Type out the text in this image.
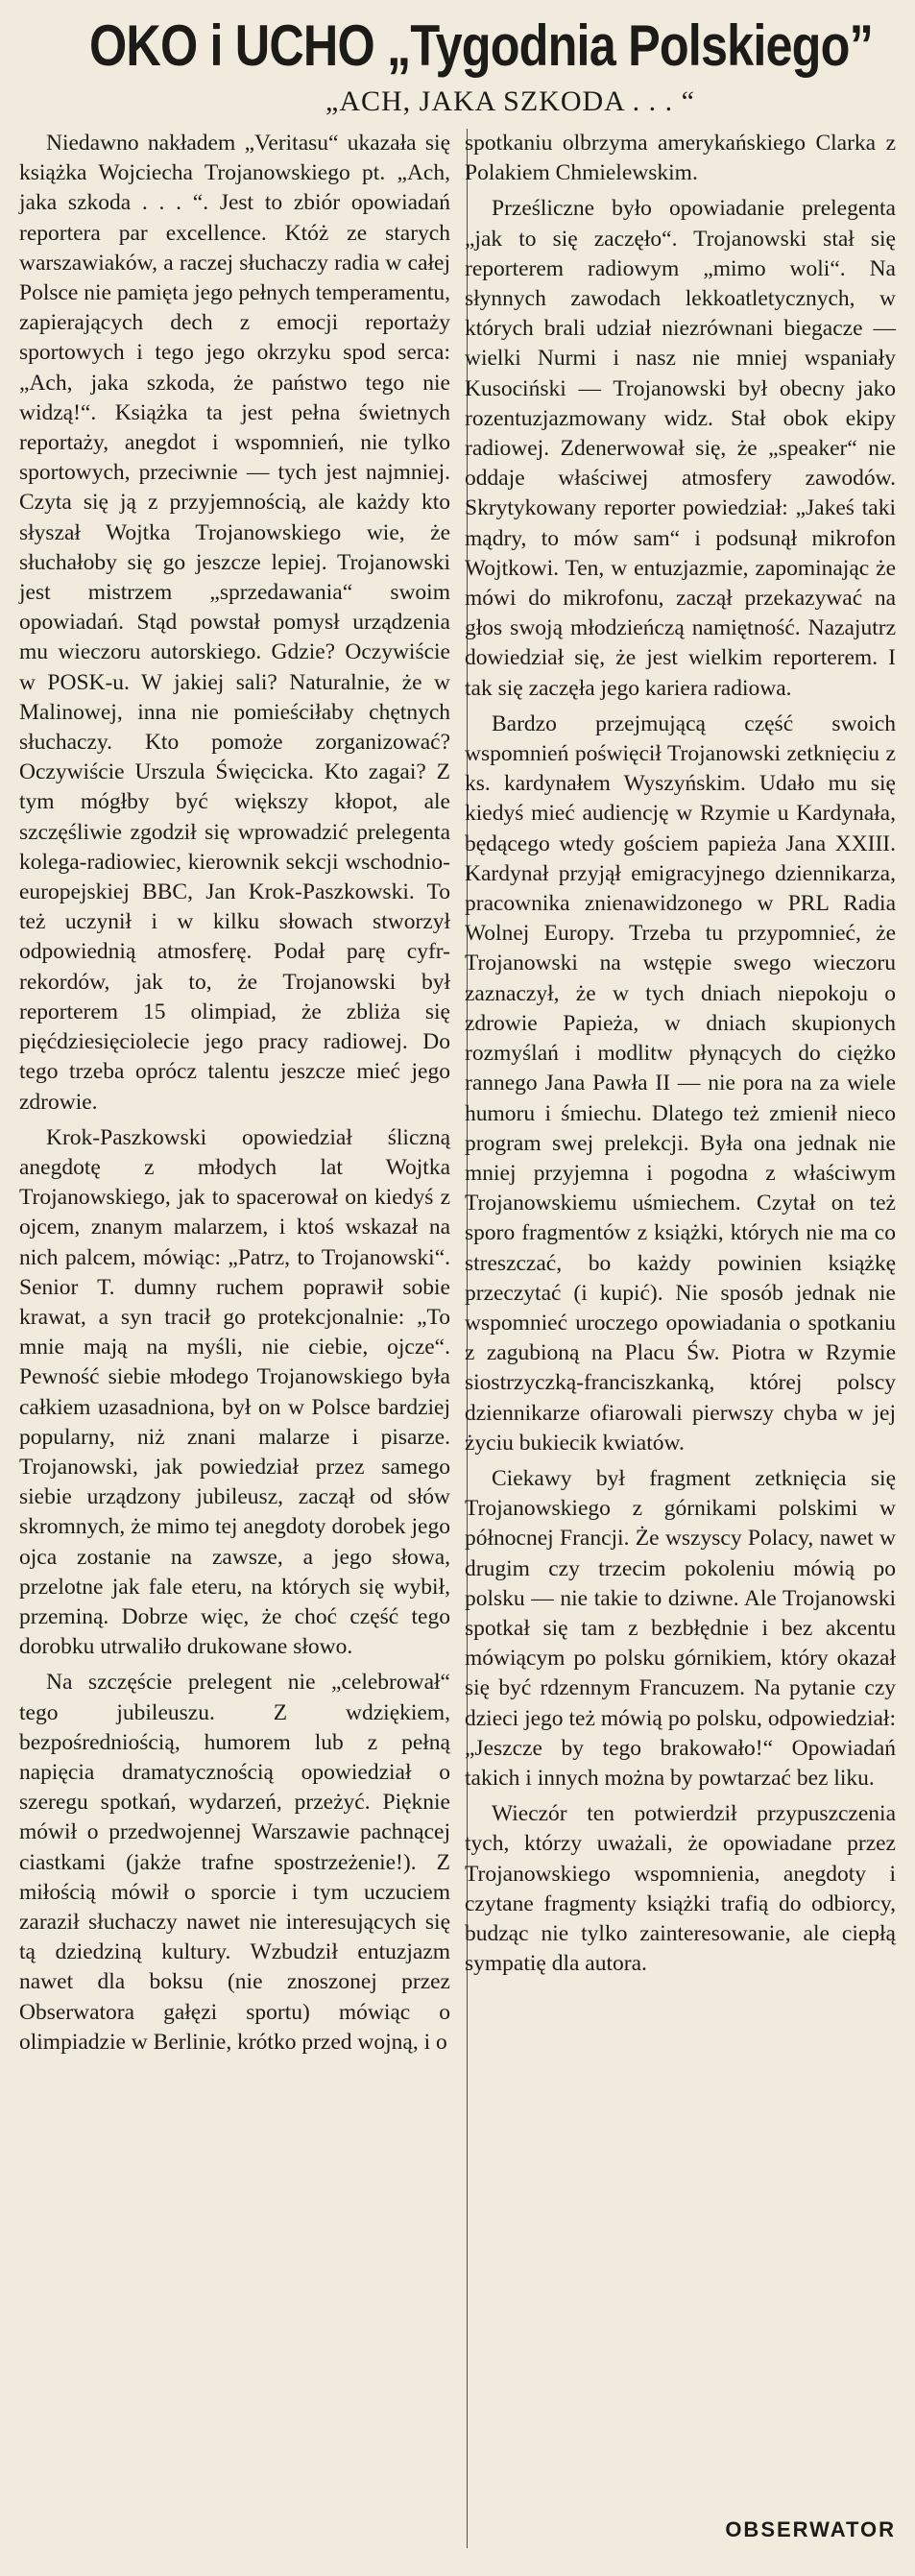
OKO i UCHO „Tygodnia Polskiego”
„ACH, JAKA SZKODA . . . “

Niedawno nakładem „Veritasu“ ukazała się książka Wojciecha Trojanowskiego pt. „Ach, jaka szkoda . . . “. Jest to zbiór opowiadań reportera par excellence. Któż ze starych warszawiaków, a raczej słuchaczy radia w całej Polsce nie pamięta jego pełnych temperamentu, zapierających dech z emocji reportaży sportowych i tego jego okrzyku spod serca: „Ach, jaka szkoda, że państwo tego nie widzą!“. Książka ta jest pełna świetnych reportaży, anegdot i wspomnień, nie tylko sportowych, przeciwnie — tych jest najmniej. Czyta się ją z przyjemnością, ale każdy kto słyszał Wojtka Trojanowskiego wie, że słuchałoby się go jeszcze lepiej. Trojanowski jest mistrzem „sprzedawania“ swoim opowiadań. Stąd powstał pomysł urządzenia mu wieczoru autorskiego. Gdzie? Oczywiście w POSK-u. W jakiej sali? Naturalnie, że w Malinowej, inna nie pomieściłaby chętnych słuchaczy. Kto pomoże zorganizować? Oczywiście Urszula Święcicka. Kto zagai? Z tym mógłby być większy kłopot, ale szczęśliwie zgodził się wprowadzić prelegenta kolega-radiowiec, kierownik sekcji wschodnio-europejskiej BBC, Jan Krok-Paszkowski. To też uczynił i w kilku słowach stworzył odpowiednią atmosferę. Podał parę cyfr-rekordów, jak to, że Trojanowski był reporterem 15 olimpiad, że zbliża się pięćdziesięciolecie jego pracy radiowej. Do tego trzeba oprócz talentu jeszcze mieć jego zdrowie.

Krok-Paszkowski opowiedział śliczną anegdotę z młodych lat Wojtka Trojanowskiego, jak to spacerował on kiedyś z ojcem, znanym malarzem, i ktoś wskazał na nich palcem, mówiąc: „Patrz, to Trojanowski“. Senior T. dumny ruchem poprawił sobie krawat, a syn tracił go protekcjonalnie: „To mnie mają na myśli, nie ciebie, ojcze“. Pewność siebie młodego Trojanowskiego była całkiem uzasadniona, był on w Polsce bardziej popularny, niż znani malarze i pisarze. Trojanowski, jak powiedział przez samego siebie urządzony jubileusz, zaczął od słów skromnych, że mimo tej anegdoty dorobek jego ojca zostanie na zawsze, a jego słowa, przelotne jak fale eteru, na których się wybił, przeminą. Dobrze więc, że choć część tego dorobku utrwaliło drukowane słowo.

Na szczęście prelegent nie „celebrował“ tego jubileuszu. Z wdziękiem, bezpośredniością, humorem lub z pełną napięcia dramatycznością opowiedział o szeregu spotkań, wydarzeń, przeżyć. Pięknie mówił o przedwojennej Warszawie pachnącej ciastkami (jakże trafne spostrzeżenie!). Z miłością mówił o sporcie i tym uczuciem zaraził słuchaczy nawet nie interesujących się tą dziedziną kultury. Wzbudził entuzjazm nawet dla boksu (nie znoszonej przez Obserwatora gałęzi sportu) mówiąc o olimpiadzie w Berlinie, krótko przed wojną, i o

spotkaniu olbrzyma amerykańskiego Clarka z Polakiem Chmielewskim.

Prześliczne było opowiadanie prelegenta „jak to się zaczęło“. Trojanowski stał się reporterem radiowym „mimo woli“. Na słynnych zawodach lekkoatletycznych, w których brali udział niezrównani biegacze — wielki Nurmi i nasz nie mniej wspaniały Kusociński — Trojanowski był obecny jako rozentuzjazmowany widz. Stał obok ekipy radiowej. Zdenerwował się, że „speaker“ nie oddaje właściwej atmosfery zawodów. Skrytykowany reporter powiedział: „Jakeś taki mądry, to mów sam“ i podsunął mikrofon Wojtkowi. Ten, w entuzjazmie, zapominając że mówi do mikrofonu, zaczął przekazywać na głos swoją młodzieńczą namiętność. Nazajutrz dowiedział się, że jest wielkim reporterem. I tak się zaczęła jego kariera radiowa.

Bardzo przejmującą część swoich wspomnień poświęcił Trojanowski zetknięciu z ks. kardynałem Wyszyńskim. Udało mu się kiedyś mieć audiencję w Rzymie u Kardynała, będącego wtedy gościem papieża Jana XXIII. Kardynał przyjął emigracyjnego dziennikarza, pracownika znienawidzonego w PRL Radia Wolnej Europy. Trzeba tu przypomnieć, że Trojanowski na wstępie swego wieczoru zaznaczył, że w tych dniach niepokoju o zdrowie Papieża, w dniach skupionych rozmyślań i modlitw płynących do ciężko rannego Jana Pawła II — nie pora na za wiele humoru i śmiechu. Dlatego też zmienił nieco program swej prelekcji. Była ona jednak nie mniej przyjemna i pogodna z właściwym Trojanowskiemu uśmiechem. Czytał on też sporo fragmentów z książki, których nie ma co streszczać, bo każdy powinien książkę przeczytać (i kupić). Nie sposób jednak nie wspomnieć uroczego opowiadania o spotkaniu z zagubioną na Placu Św. Piotra w Rzymie siostrzyczką-franciszkanką, której polscy dziennikarze ofiarowali pierwszy chyba w jej życiu bukiecik kwiatów.

Ciekawy był fragment zetknięcia się Trojanowskiego z górnikami polskimi w północnej Francji. Że wszyscy Polacy, nawet w drugim czy trzecim pokoleniu mówią po polsku — nie takie to dziwne. Ale Trojanowski spotkał się tam z bezbłędnie i bez akcentu mówiącym po polsku górnikiem, który okazał się być rdzennym Francuzem. Na pytanie czy dzieci jego też mówią po polsku, odpowiedział: „Jeszcze by tego brakowało!“ Opowiadań takich i innych można by powtarzać bez liku.

Wieczór ten potwierdził przypuszczenia tych, którzy uważali, że opowiadane przez Trojanowskiego wspomnienia, anegdoty i czytane fragmenty książki trafią do odbiorcy, budząc nie tylko zainteresowanie, ale ciepłą sympatię dla autora.

OBSERWATOR
